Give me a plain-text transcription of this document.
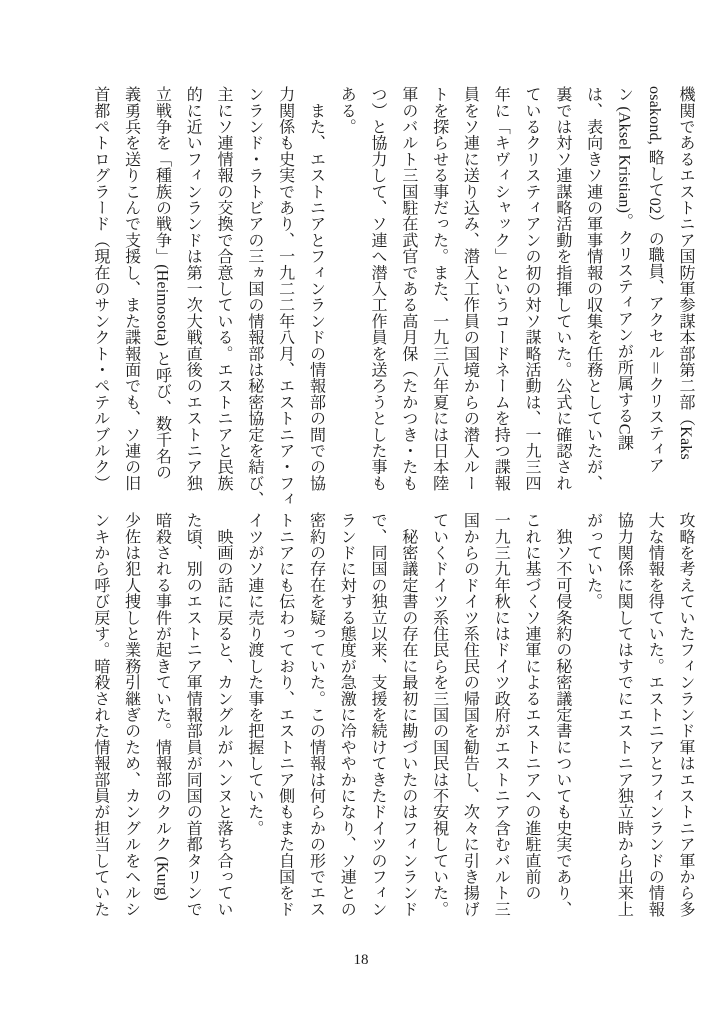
機関であるエストニア国防軍参謀本部第二部（Kaks

osakond, 略して02）の職員、アクセル＝クリスティア

ン (Aksel Kristian)。クリスティアンが所属するC課

は、表向きソ連の軍事情報の収集を任務としていたが、

裏では対ソ連謀略活動を指揮していた。公式に確認され

ているクリスティアンの初の対ソ謀略活動は、一九三四

年に「キヴィシャック」というコードネームを持つ諜報

員をソ連に送り込み、潜入工作員の国境からの潜入ルー

トを探らせる事だった。また、一九三八年夏には日本陸

軍のバルト三国駐在武官である高月保（たかつき・たも

つ）と協力して、ソ連へ潜入工作員を送ろうとした事も

ある。

　また、エストニアとフィンランドの情報部の間での協

力関係も史実であり、一九二二年八月、エストニア・フィ

ンランド・ラトビアの三ヵ国の情報部は秘密協定を結び、

主にソ連情報の交換で合意している。エストニアと民族

的に近いフィンランドは第一次大戦直後のエストニア独

立戦争を「種族の戦争」(Heimosota) と呼び、数千名の

義勇兵を送りこんで支援し、また諜報面でも、ソ連の旧

首都ペトログラード（現在のサンクト・ペテルブルク）

攻略を考えていたフィンランド軍はエストニア軍から多

大な情報を得ていた。エストニアとフィンランドの情報

協力関係に関してはすでにエストニア独立時から出来上

がっていた。

　独ソ不可侵条約の秘密議定書についても史実であり、

これに基づくソ連軍によるエストニアへの進駐直前の

一九三九年秋にはドイツ政府がエストニア含むバルト三

国からのドイツ系住民の帰国を勧告し、次々に引き揚げ

ていくドイツ系住民らを三国の国民は不安視していた。

　秘密議定書の存在に最初に勘づいたのはフィンランド

で、同国の独立以来、支援を続けてきたドイツのフィン

ランドに対する態度が急激に冷ややかになり、ソ連との

密約の存在を疑っていた。この情報は何らかの形でエス

トニアにも伝わっており、エストニア側もまた自国をド

イツがソ連に売り渡した事を把握していた。

　映画の話に戻ると、カングルがハンヌと落ち合ってい

た頃、別のエストニア軍情報部員が同国の首都タリンで

暗殺される事件が起きていた。情報部のクルク (Kurg)

少佐は犯人捜しと業務引継ぎのため、カングルをヘルシ

ンキから呼び戻す。暗殺された情報部員が担当していた

18
